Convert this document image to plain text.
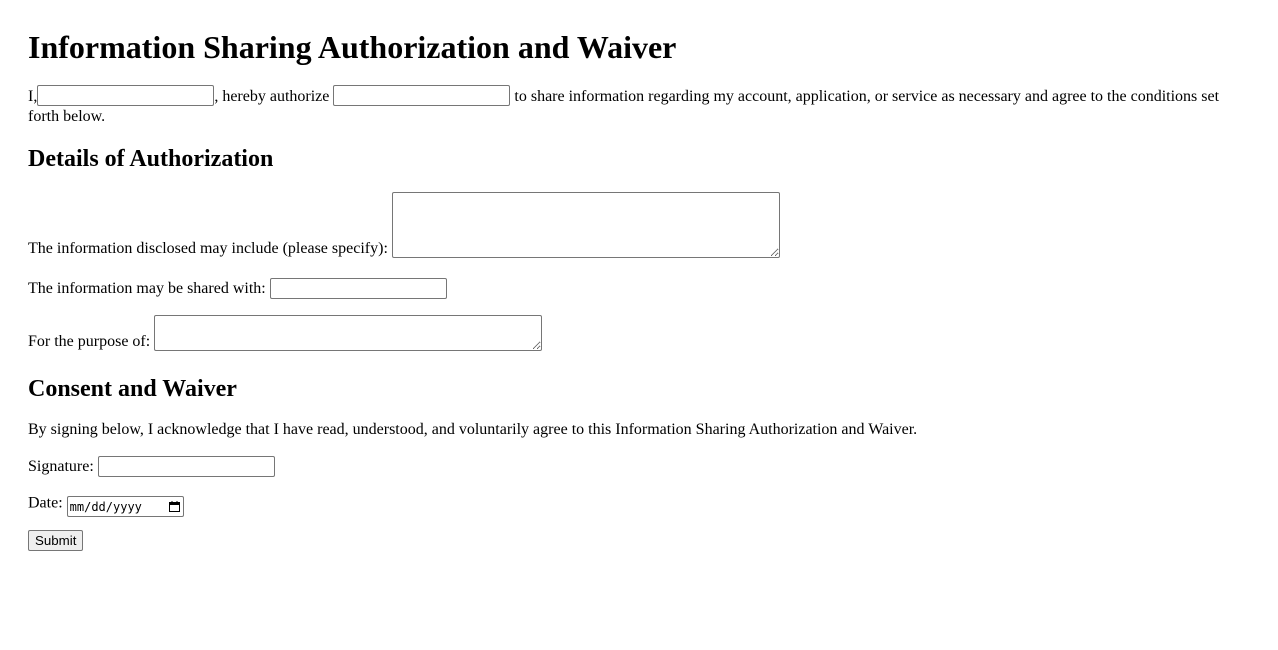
Information Sharing Authorization and Waiver
I,	, hereby authorize	to share information regarding my account, application, or service as necessary and agree to the conditions set forth below.
Details of Authorization
The information disclosed may include (please specify):
The information may be shared with:
For the purpose of:
Consent and Waiver
By signing below, I acknowledge that I have read, understood, and voluntarily agree to this Information Sharing Authorization and Waiver.
Signature:
Date: mm/dd/yyyy
Submit
